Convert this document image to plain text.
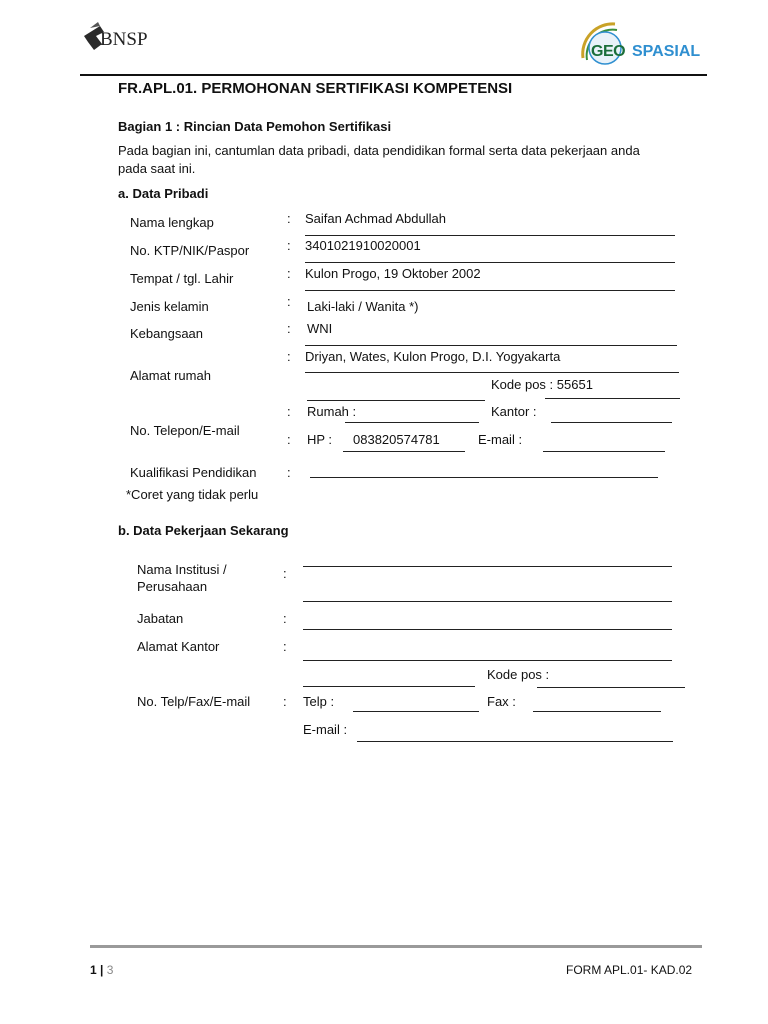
BNSP
GEO SPASIAL
FR.APL.01. PERMOHONAN SERTIFIKASI KOMPETENSI
Bagian 1 : Rincian Data Pemohon Sertifikasi
Pada bagian ini, cantumlan data pribadi, data pendidikan formal serta data pekerjaan anda
pada saat ini.
a. Data Pribadi
Nama lengkap	: Saifan Achmad Abdullah
No. KTP/NIK/Paspor	: 3401021910020001
Tempat / tgl. Lahir	: Kulon Progo, 19 Oktober 2002
Jenis kelamin	: Laki-laki / Wanita *)
Kebangsaan	: WNI
Alamat rumah
: Driyan, Wates, Kulon Progo, D.I. Yogyakarta
Kode pos : 55651
No. Telepon/E-mail
: Rumah :	Kantor :
: HP : 083820574781	E-mail :
Kualifikasi Pendidikan :
*Coret yang tidak perlu
b. Data Pekerjaan Sekarang
Nama Institusi /
Perusahaan
:
Jabatan	:
Alamat Kantor	:
Kode pos :
No. Telp/Fax/E-mail	: Telp :	Fax :
E-mail :
1 | 3	FORM APL.01- KAD.02
